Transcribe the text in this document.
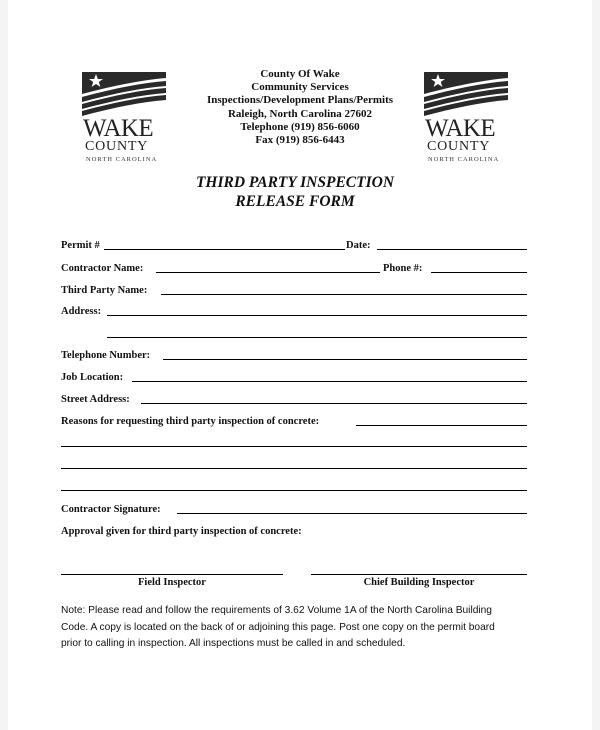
WAKE
COUNTY
NORTH CAROLINA
WAKE
COUNTY
NORTH CAROLINA
County Of Wake
Community Services
Inspections/Development Plans/Permits
Raleigh, North Carolina 27602
Telephone (919) 856-6060
Fax (919) 856-6443
THIRD PARTY INSPECTION
RELEASE FORM
Permit #	Date:
Contractor Name:	Phone #:
Third Party Name:
Address:
Telephone Number:
Job Location:
Street Address:
Reasons for requesting third party inspection of concrete:
Contractor Signature:
Approval given for third party inspection of concrete:
Field Inspector	Chief Building Inspector
Note: Please read and follow the requirements of 3.62 Volume 1A of the North Carolina Building
Code. A copy is located on the back of or adjoining this page. Post one copy on the permit board
prior to calling in inspection. All inspections must be called in and scheduled.
